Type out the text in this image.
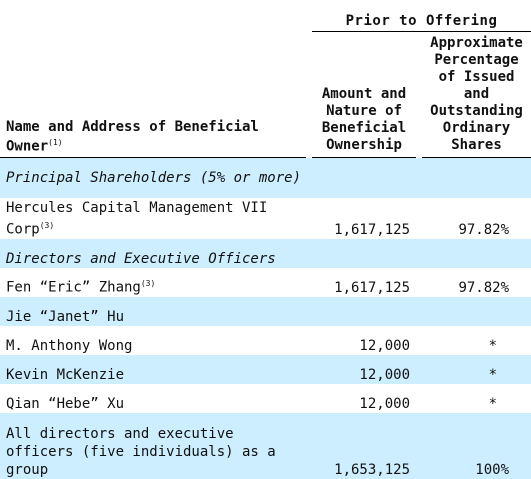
		Prior to Offering		
Name and Address of Beneficial Owner$^{(1)}$		Amount and Nature of Beneficial Ownership		Approximate Percentage of Issued and Outstanding Ordinary Shares
Principal Shareholders (5% or more)				
Hercules Capital Management VII Corp$^{(3)}$		1,617,125		97.82%
Directors and Executive Officers				
Fen “Eric” Zhang$^{(3)}$		1,617,125		97.82%
Jie “Janet” Hu				
M. Anthony Wong		12,000		*
Kevin McKenzie		12,000		*
Qian “Hebe” Xu		12,000		*
All directors and executive officers (five individuals) as a group		1,653,125		100%
